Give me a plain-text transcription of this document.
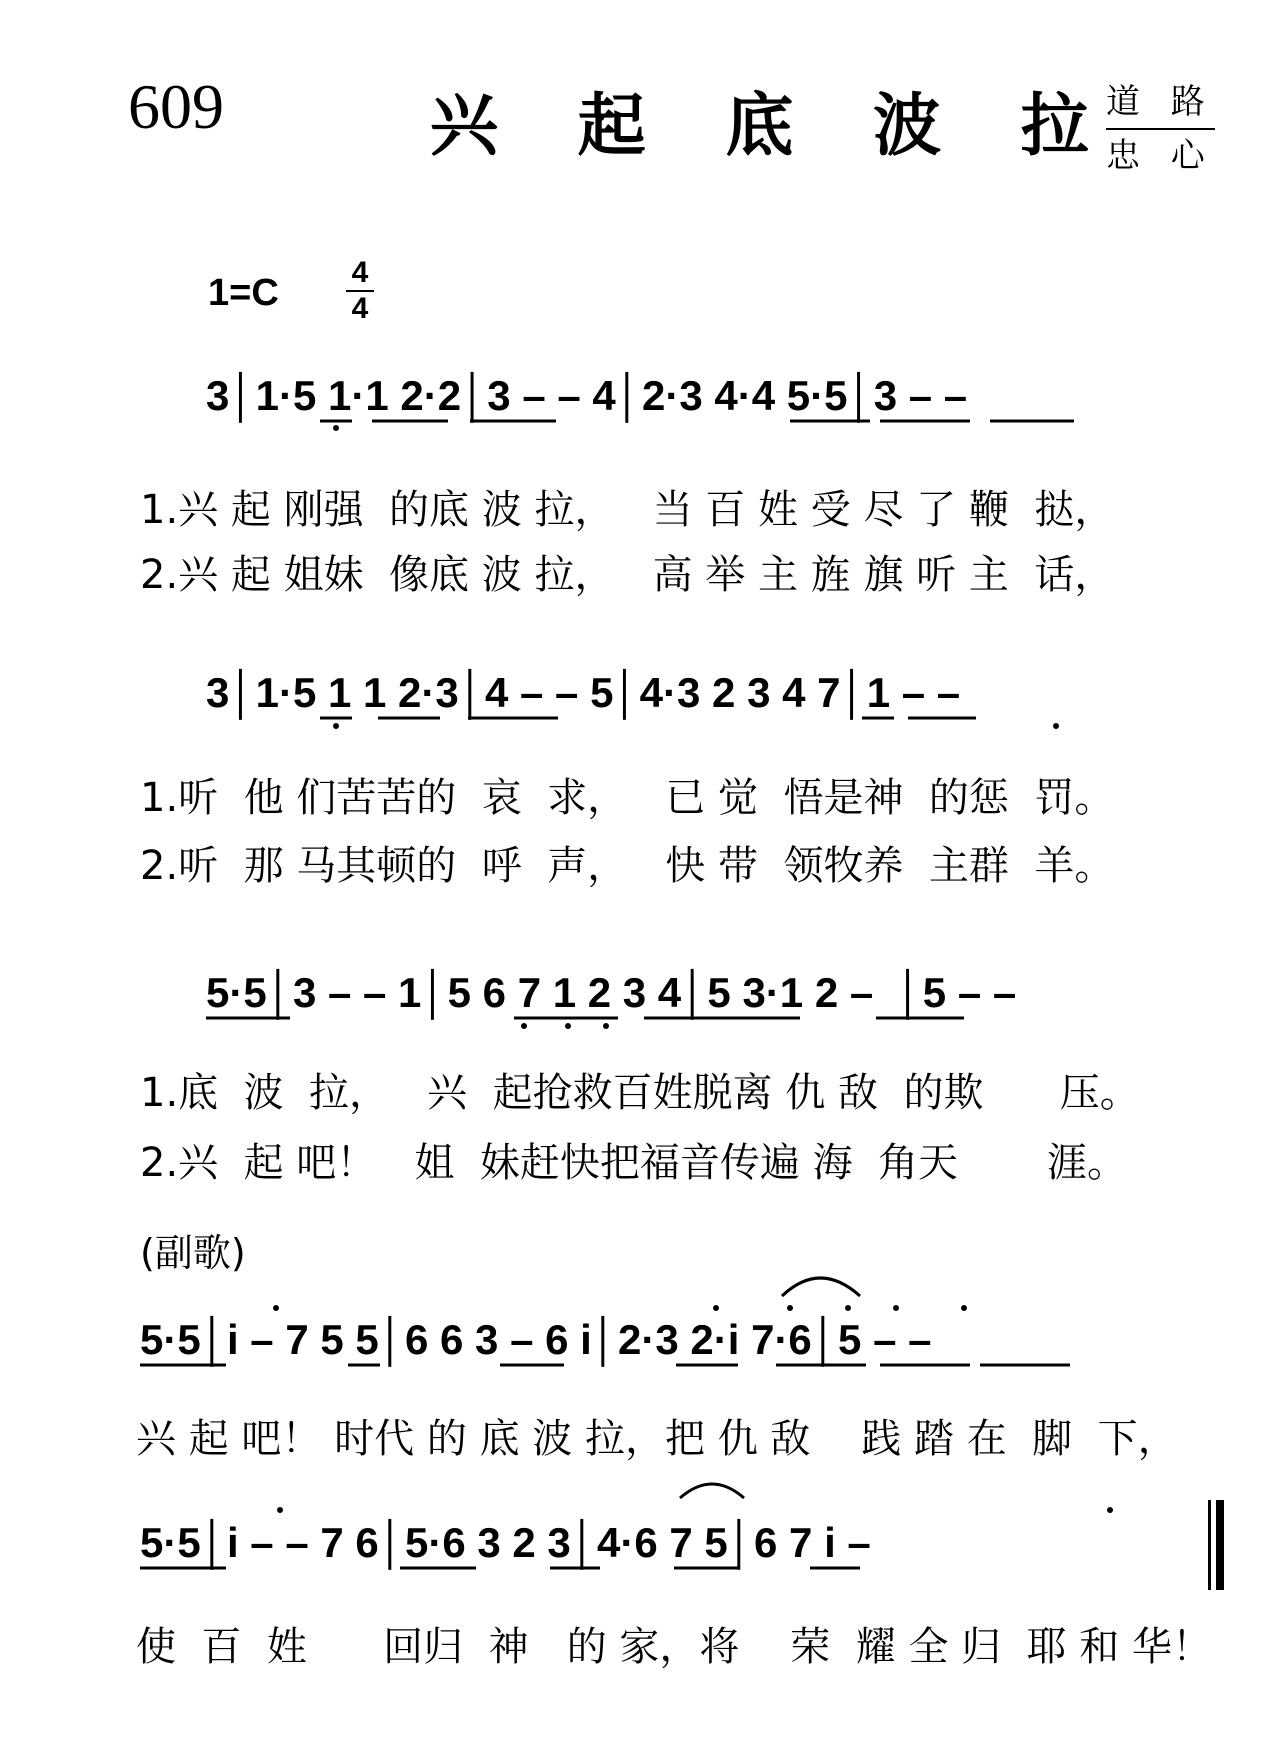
609	兴 起 底 波 拉
道 路
忠 心
1=C 4
4
3│1·5 1·1 2·2│3 – – 4│2·3 4·4 5·5│3 – –
1.兴 起 刚强  的底 波 拉，   当 百 姓 受 尽 了 鞭  挞，
2.兴 起 姐妹  像底 波 拉，   高 举 主 旌 旗 听 主  话，
3│1·5 1 1 2·3│4 – – 5│4·3 2 3 4 7│1 – –
1.听  他 们苦苦的  哀  求，   已 觉  悟是神  的惩  罚。
2.听  那 马其顿的  呼  声，   快 带  领牧养  主群  羊。
5·5│3 – – 1│5 6 7 1 2 3 4│5 3·1 2 –  │5 – –
1.底  波  拉，   兴  起抢救百姓脱离 仇 敌  的欺      压。
2.兴  起 吧！   姐  妹赶快把福音传遍 海  角天       涯。
(副歌)
5·5│i – 7 5 5│6 6 3 – 6 i│2·3 2·i 7·6│5 – –
兴 起 吧！ 时代 的 底 波 拉，把 仇 敌    践 踏 在  脚  下，
5·5│i – – 7 6│5·6 3 2 3│4·6 7 5│6 7 i –
使  百  姓      回归  神   的 家，将    荣  耀 全 归  耶 和 华！
